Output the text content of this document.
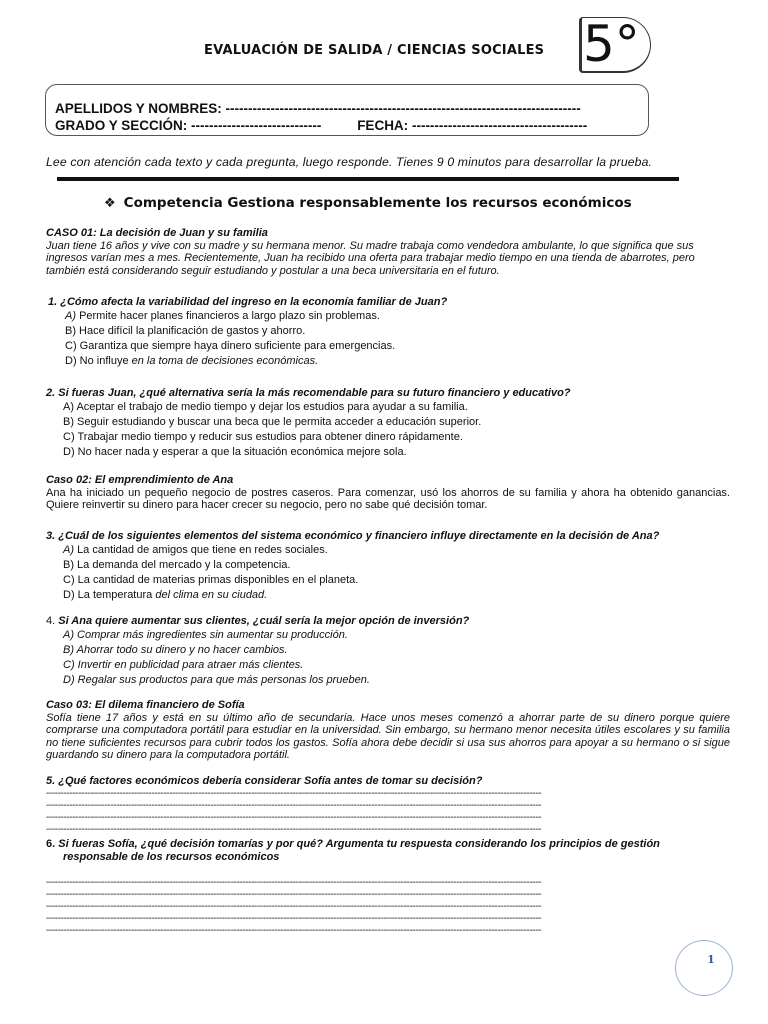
EVALUACIÓN DE SALIDA / CIENCIAS SOCIALES 5°
APELLIDOS Y NOMBRES: -------------------------------------------------------------------------------
GRADO Y SECCIÓN: -----------------------------	FECHA: ---------------------------------------
Lee con atención cada texto y cada pregunta, luego responde. Tienes 9 0 minutos para desarrollar la prueba.
❖ Competencia Gestiona responsablemente los recursos económicos

CASO 01: La decisión de Juan y su familia

Juan tiene 16 años y vive con su madre y su hermana menor. Su madre trabaja como vendedora ambulante, lo que significa que sus ingresos varían mes a mes. Recientemente, Juan ha recibido una oferta para trabajar medio tiempo en una tienda de abarrotes, pero también está considerando seguir estudiando y postular a una beca universitaria en el futuro.

1. ¿Cómo afecta la variabilidad del ingreso en la economía familiar de Juan?

A) Permite hacer planes financieros a largo plazo sin problemas.
B) Hace difícil la planificación de gastos y ahorro.
C) Garantiza que siempre haya dinero suficiente para emergencias.
D) No influye en la toma de decisiones económicas.

2. Si fueras Juan, ¿qué alternativa sería la más recomendable para su futuro financiero y educativo?

A) Aceptar el trabajo de medio tiempo y dejar los estudios para ayudar a su familia.
B) Seguir estudiando y buscar una beca que le permita acceder a educación superior.
C) Trabajar medio tiempo y reducir sus estudios para obtener dinero rápidamente.
D) No hacer nada y esperar a que la situación económica mejore sola.

Caso 02: El emprendimiento de Ana

Ana ha iniciado un pequeño negocio de postres caseros. Para comenzar, usó los ahorros de su familia y ahora ha obtenido ganancias. Quiere reinvertir su dinero para hacer crecer su negocio, pero no sabe qué decisión tomar.

3. ¿Cuál de los siguientes elementos del sistema económico y financiero influye directamente en la decisión de Ana?

A) La cantidad de amigos que tiene en redes sociales.
B) La demanda del mercado y la competencia.
C) La cantidad de materias primas disponibles en el planeta.
D) La temperatura del clima en su ciudad.

4. Si Ana quiere aumentar sus clientes, ¿cuál sería la mejor opción de inversión?

A) Comprar más ingredientes sin aumentar su producción.
B) Ahorrar todo su dinero y no hacer cambios.
C) Invertir en publicidad para atraer más clientes.
D) Regalar sus productos para que más personas los prueben.

Caso 03: El dilema financiero de Sofía

Sofía tiene 17 años y está en su último año de secundaria. Hace unos meses comenzó a ahorrar parte de su dinero porque quiere comprarse una computadora portátil para estudiar en la universidad. Sin embargo, su hermano menor necesita útiles escolares y su familia no tiene suficientes recursos para cubrir todos los gastos. Sofía ahora debe decidir si usa sus ahorros para apoyar a su hermano o si sigue guardando su dinero para la computadora portátil.

5. ¿Qué factores económicos debería considerar Sofía antes de tomar su decisión?

-------------------------------------------------------------------------------------------------------------------------------------------------------------------------
-------------------------------------------------------------------------------------------------------------------------------------------------------------------------
-------------------------------------------------------------------------------------------------------------------------------------------------------------------------
-------------------------------------------------------------------------------------------------------------------------------------------------------------------------

6. Si fueras Sofía, ¿qué decisión tomarías y por qué? Argumenta tu respuesta considerando los principios de gestión

responsable de los recursos económicos

-------------------------------------------------------------------------------------------------------------------------------------------------------------------------
-------------------------------------------------------------------------------------------------------------------------------------------------------------------------
-------------------------------------------------------------------------------------------------------------------------------------------------------------------------
-------------------------------------------------------------------------------------------------------------------------------------------------------------------------
-------------------------------------------------------------------------------------------------------------------------------------------------------------------------
1
